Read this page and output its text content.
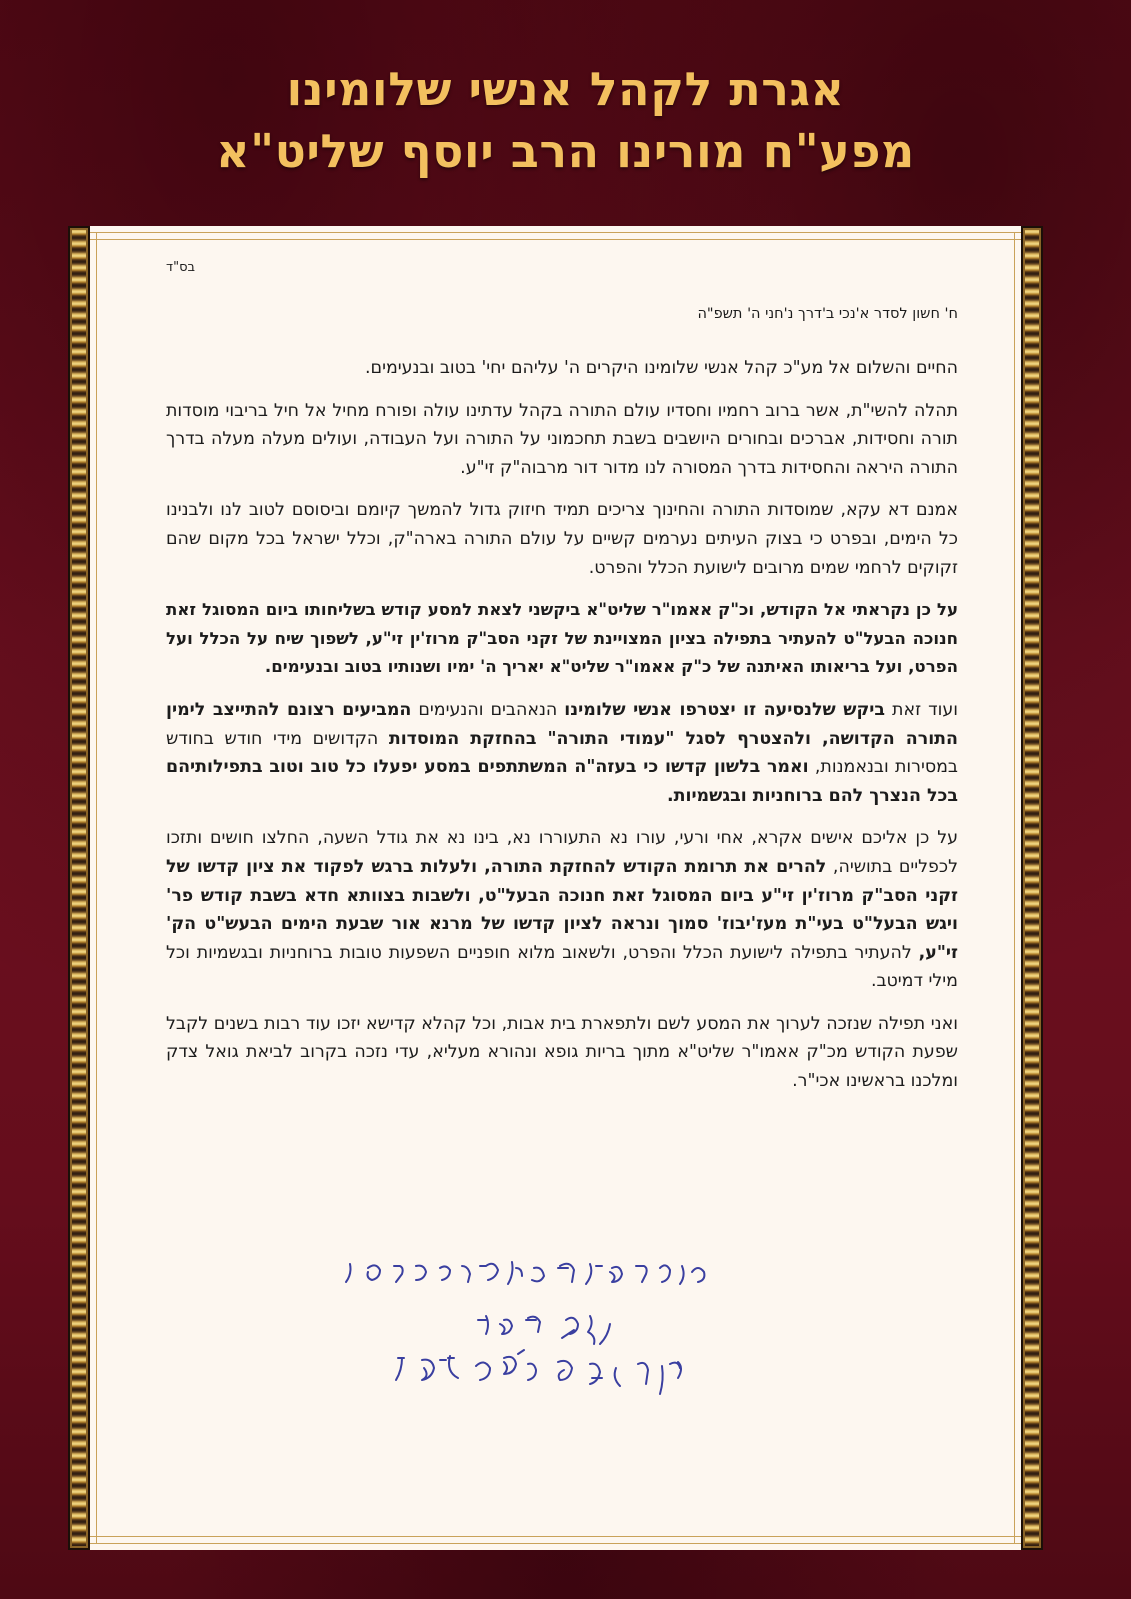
אגרת לקהל אנשי שלומינו
מפע"ח מורינו הרב יוסף שליט"א
בס"ד
ח' חשון לסדר א'נכי ב'דרך נ'חני ה' תשפ"ה

החיים והשלום אל מע"כ קהל אנשי שלומינו היקרים ה' עליהם יחי' בטוב ובנעימים.

תהלה להשי"ת, אשר ברוב רחמיו וחסדיו עולם התורה בקהל עדתינו עולה ופורח מחיל אל חיל בריבוי מוסדות תורה וחסידות, אברכים ובחורים היושבים בשבת תחכמוני על התורה ועל העבודה, ועולים מעלה מעלה בדרך התורה היראה והחסידות בדרך המסורה לנו מדור דור מרבוה"ק זי"ע.

אמנם דא עקא, שמוסדות התורה והחינוך צריכים תמיד חיזוק גדול להמשך קיומם וביסוסם לטוב לנו ולבנינו כל הימים, ובפרט כי בצוק העיתים נערמים קשיים על עולם התורה בארה"ק, וכלל ישראל בכל מקום שהם זקוקים לרחמי שמים מרובים לישועת הכלל והפרט.

על כן נקראתי אל הקודש, וכ"ק אאמו"ר שליט"א ביקשני לצאת למסע קודש בשליחותו ביום המסוגל זאת חנוכה הבעל"ט להעתיר בתפילה בציון המצויינת של זקני הסב"ק מרוז'ין זי"ע, לשפוך שיח על הכלל ועל הפרט, ועל בריאותו האיתנה של כ"ק אאמו"ר שליט"א יאריך ה' ימיו ושנותיו בטוב ובנעימים.

ועוד זאת ביקש שלנסיעה זו יצטרפו אנשי שלומינו הנאהבים והנעימים המביעים רצונם להתייצב לימין התורה הקדושה, ולהצטרף לסגל "עמודי התורה" בהחזקת המוסדות הקדושים מידי חודש בחודש במסירות ובנאמנות, ואמר בלשון קדשו כי בעזה"ה המשתתפים במסע יפעלו כל טוב וטוב בתפילותיהם בכל הנצרך להם ברוחניות ובגשמיות.

על כן אליכם אישים אקרא, אחי ורעי, עורו נא התעוררו נא, בינו נא את גודל השעה, החלצו חושים ותזכו לכפליים בתושיה, להרים את תרומת הקודש להחזקת התורה, ולעלות ברגש לפקוד את ציון קדשו של זקני הסב"ק מרוז'ין זי"ע ביום המסוגל זאת חנוכה הבעל"ט, ולשבות בצוותא חדא בשבת קודש פר' ויגש הבעל"ט בעי"ת מעז'יבוז' סמוך ונראה לציון קדשו של מרנא אור שבעת הימים הבעש"ט הק' זי"ע, להעתיר בתפילה לישועת הכלל והפרט, ולשאוב מלוא חופניים השפעות טובות ברוחניות ובגשמיות וכל מילי דמיטב.

ואני תפילה שנזכה לערוך את המסע לשם ולתפארת בית אבות, וכל קהלא קדישא יזכו עוד רבות בשנים לקבל שפעת הקודש מכ"ק אאמו"ר שליט"א מתוך בריות גופא ונהורא מעליא, עדי נזכה בקרוב לביאת גואל צדק ומלכנו בראשינו אכי"ר.
